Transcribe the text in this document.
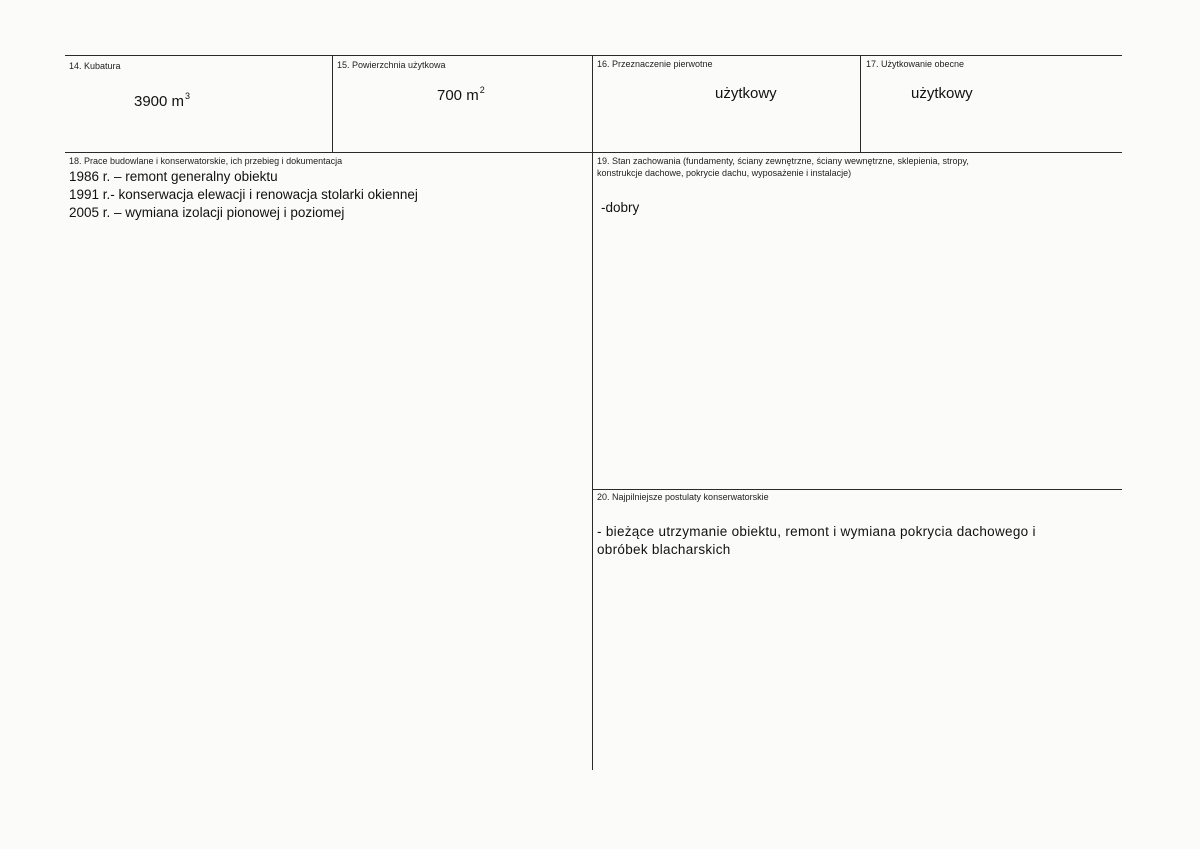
14. Kubatura
3900 $m^3$
15. Powierzchnia użytkowa
700 $m^2$
16. Przeznaczenie pierwotne
użytkowy
17. Użytkowanie obecne
użytkowy
18. Prace budowlane i konserwatorskie, ich przebieg i dokumentacja
1986 r. – remont generalny obiektu
1991 r.- konserwacja elewacji i renowacja stolarki okiennej
2005 r. – wymiana izolacji pionowej i poziomej
19. Stan zachowania (fundamenty, ściany zewnętrzne, ściany wewnętrzne, sklepienia, stropy,
konstrukcje dachowe, pokrycie dachu, wyposażenie i instalacje)
-dobry
20. Najpilniejsze postulaty konserwatorskie
- bieżące utrzymanie obiektu, remont i wymiana pokrycia dachowego i
obróbek blacharskich
